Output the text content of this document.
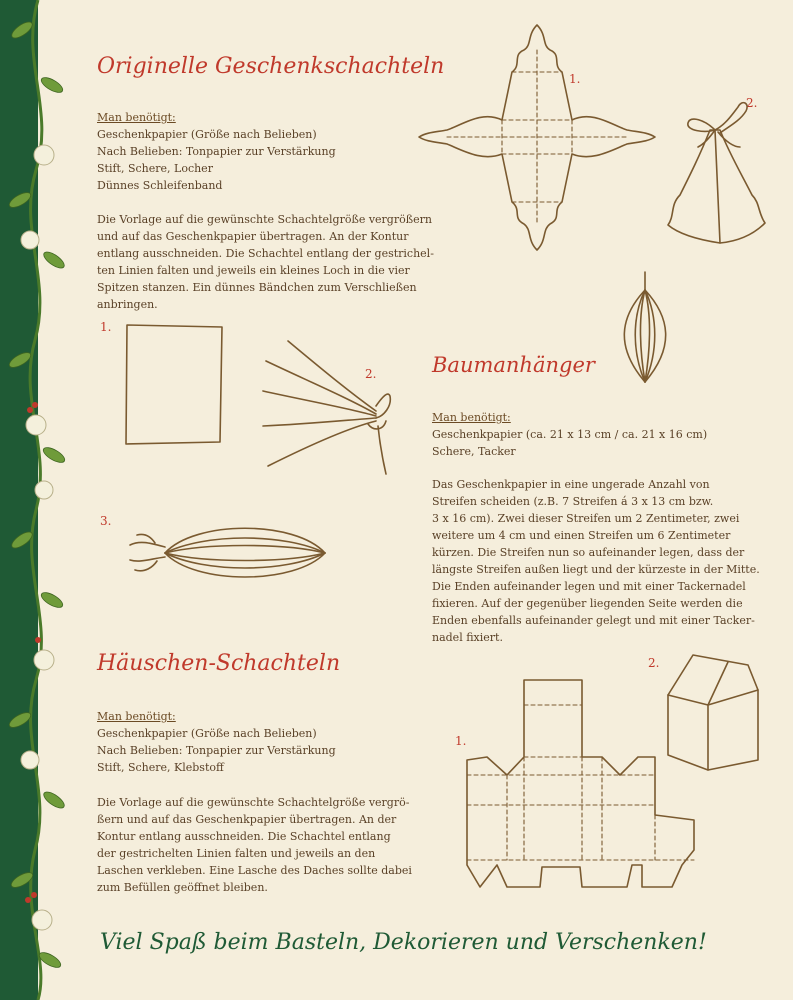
Originelle Geschenkschachteln
Man benötigt:
Geschenkpapier (Größe nach Belieben)
Nach Belieben: Tonpapier zur Verstärkung
Stift, Schere, Locher
Dünnes Schleifenband
Die Vorlage auf die gewünschte Schachtelgröße vergrößern
und auf das Geschenkpapier übertragen. An der Kontur
entlang ausschneiden. Die Schachtel entlang der gestrichel-
ten Linien falten und jeweils ein kleines Loch in die vier
Spitzen stanzen. Ein dünnes Bändchen zum Verschließen
anbringen.
1.
2.
Baumanhänger
Man benötigt:
Geschenkpapier (ca. 21 x 13 cm / ca. 21 x 16 cm)
Schere, Tacker
Das Geschenkpapier in eine ungerade Anzahl von
Streifen scheiden (z.B. 7 Streifen á 3 x 13 cm bzw.
3 x 16 cm). Zwei dieser Streifen um 2 Zentimeter, zwei
weitere um 4 cm und einen Streifen um 6 Zentimeter
kürzen. Die Streifen nun so aufeinander legen, dass der
längste Streifen außen liegt und der kürzeste in der Mitte.
Die Enden aufeinander legen und mit einer Tackernadel
fixieren. Auf der gegenüber liegenden Seite werden die
Enden ebenfalls aufeinander gelegt und mit einer Tacker-
nadel fixiert.
1.
2.
3.
Häuschen-Schachteln
Man benötigt:
Geschenkpapier (Größe nach Belieben)
Nach Belieben: Tonpapier zur Verstärkung
Stift, Schere, Klebstoff
Die Vorlage auf die gewünschte Schachtelgröße vergrö-
ßern und auf das Geschenkpapier übertragen. An der
Kontur entlang ausschneiden. Die Schachtel entlang
der gestrichelten Linien falten und jeweils an den
Laschen verkleben. Eine Lasche des Daches sollte dabei
zum Befüllen geöffnet bleiben.
1.
2.
Viel Spaß beim Basteln, Dekorieren und Verschenken!
